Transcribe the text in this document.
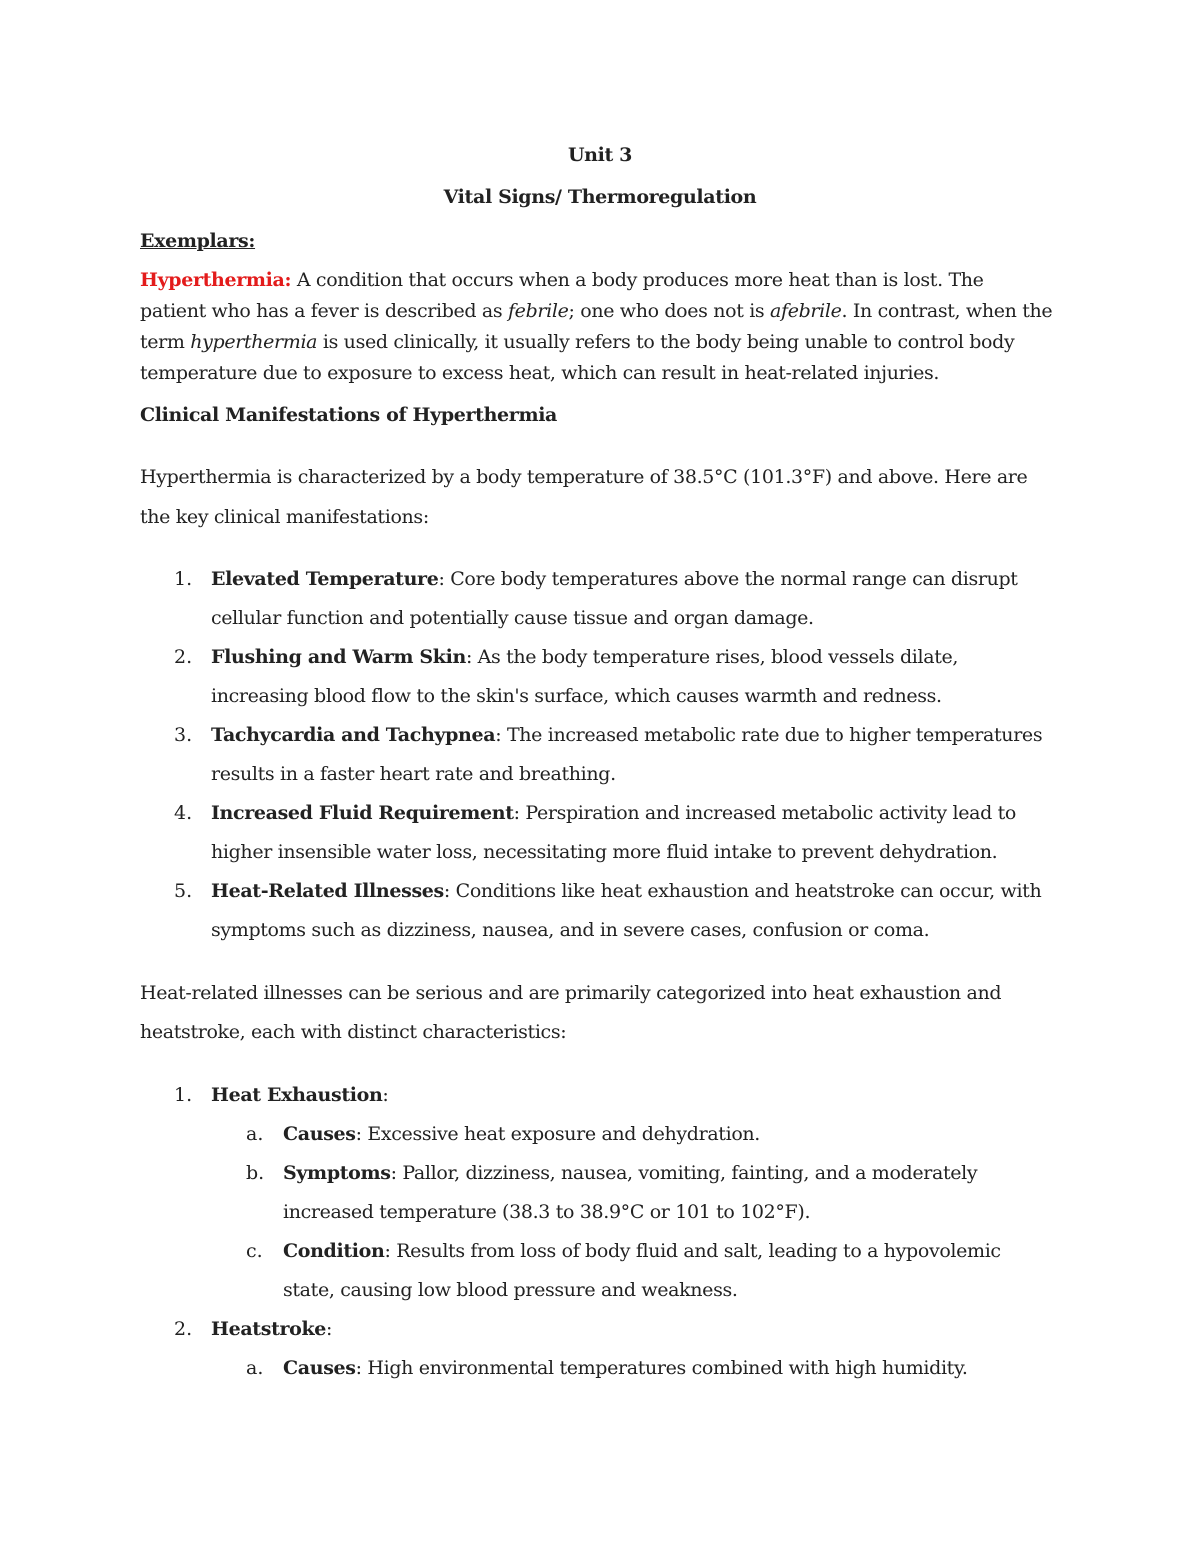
Unit 3
Vital Signs/ Thermoregulation
Exemplars:
Hyperthermia: A condition that occurs when a body produces more heat than is lost. The
patient who has a fever is described as febrile; one who does not is afebrile. In contrast, when the
term hyperthermia is used clinically, it usually refers to the body being unable to control body
temperature due to exposure to excess heat, which can result in heat-related injuries.
Clinical Manifestations of Hyperthermia
Hyperthermia is characterized by a body temperature of 38.5°C (101.3°F) and above. Here are
the key clinical manifestations:
1. Elevated Temperature: Core body temperatures above the normal range can disrupt
cellular function and potentially cause tissue and organ damage.
2. Flushing and Warm Skin: As the body temperature rises, blood vessels dilate,
increasing blood flow to the skin's surface, which causes warmth and redness.
3. Tachycardia and Tachypnea: The increased metabolic rate due to higher temperatures
results in a faster heart rate and breathing.
4. Increased Fluid Requirement: Perspiration and increased metabolic activity lead to
higher insensible water loss, necessitating more fluid intake to prevent dehydration.
5. Heat-Related Illnesses: Conditions like heat exhaustion and heatstroke can occur, with
symptoms such as dizziness, nausea, and in severe cases, confusion or coma.
Heat-related illnesses can be serious and are primarily categorized into heat exhaustion and
heatstroke, each with distinct characteristics:
1. Heat Exhaustion:
a. Causes: Excessive heat exposure and dehydration.
b. Symptoms: Pallor, dizziness, nausea, vomiting, fainting, and a moderately
increased temperature (38.3 to 38.9°C or 101 to 102°F).
c. Condition: Results from loss of body fluid and salt, leading to a hypovolemic
state, causing low blood pressure and weakness.
2. Heatstroke:
a. Causes: High environmental temperatures combined with high humidity.
